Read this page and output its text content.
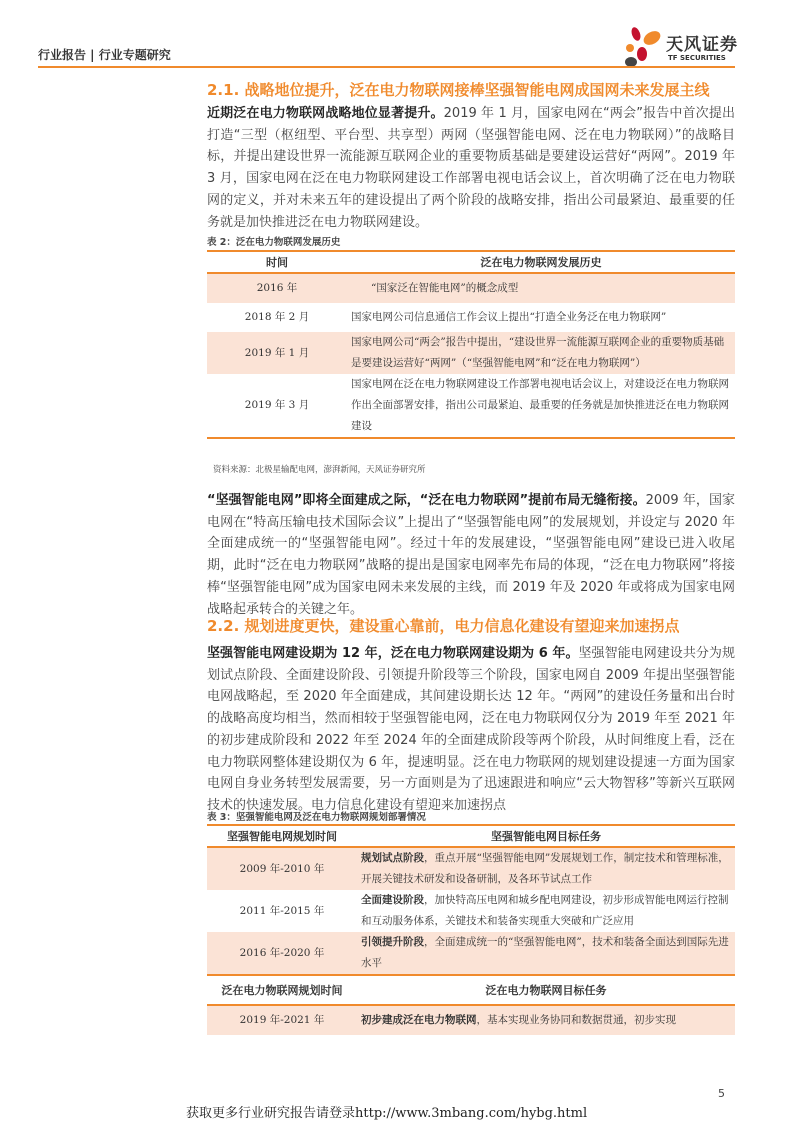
行业报告 | 行业专题研究	天风证券
TF SECURITIES
2.1. 战略地位提升，泛在电力物联网接棒坚强智能电网成国网未来发展主线
近期泛在电力物联网战略地位显著提升。2019 年 1 月，国家电网在“两会”报告中首次提出打造“三型（枢纽型、平台型、共享型）两网（坚强智能电网、泛在电力物联网）”的战略目标，并提出建设世界一流能源互联网企业的重要物质基础是要建设运营好“两网”。2019 年 3 月，国家电网在泛在电力物联网建设工作部署电视电话会议上，首次明确了泛在电力物联网的定义，并对未来五年的建设提出了两个阶段的战略安排，指出公司最紧迫、最重要的任务就是加快推进泛在电力物联网建设。
表 2：泛在电力物联网发展历史
时间	泛在电力物联网发展历史
2016 年	“国家泛在智能电网”的概念成型
2018 年 2 月	国家电网公司信息通信工作会议上提出“打造全业务泛在电力物联网”
2019 年 1 月	国家电网公司“两会”报告中提出，“建设世界一流能源互联网企业的重要物质基础是要建设运营好“两网”（“坚强智能电网”和“泛在电力物联网”）
2019 年 3 月	国家电网在泛在电力物联网建设工作部署电视电话会议上，对建设泛在电力物联网作出全面部署安排，指出公司最紧迫、最重要的任务就是加快推进泛在电力物联网建设
资料来源：北极星输配电网，澎湃新闻，天风证券研究所
“坚强智能电网”即将全面建成之际，“泛在电力物联网”提前布局无缝衔接。2009 年，国家电网在“特高压输电技术国际会议”上提出了“坚强智能电网”的发展规划，并设定与 2020 年全面建成统一的“坚强智能电网”。经过十年的发展建设，“坚强智能电网”建设已进入收尾期，此时“泛在电力物联网”战略的提出是国家电网率先布局的体现，“泛在电力物联网”将接棒“坚强智能电网”成为国家电网未来发展的主线，而 2019 年及 2020 年或将成为国家电网战略起承转合的关键之年。
2.2. 规划进度更快，建设重心靠前，电力信息化建设有望迎来加速拐点
坚强智能电网建设期为 12 年，泛在电力物联网建设期为 6 年。坚强智能电网建设共分为规划试点阶段、全面建设阶段、引领提升阶段等三个阶段，国家电网自 2009 年提出坚强智能电网战略起，至 2020 年全面建成，其间建设期长达 12 年。“两网”的建设任务量和出台时的战略高度均相当，然而相较于坚强智能电网，泛在电力物联网仅分为 2019 年至 2021 年的初步建成阶段和 2022 年至 2024 年的全面建成阶段等两个阶段，从时间维度上看，泛在电力物联网整体建设期仅为 6 年，提速明显。泛在电力物联网的规划建设提速一方面为国家电网自身业务转型发展需要，另一方面则是为了迅速跟进和响应“云大物智移”等新兴互联网技术的快速发展。电力信息化建设有望迎来加速拐点
表 3：坚强智能电网及泛在电力物联网规划部署情况
坚强智能电网规划时间	坚强智能电网目标任务
2009 年-2010 年	规划试点阶段，重点开展“坚强智能电网”发展规划工作，制定技术和管理标准，开展关键技术研发和设备研制，及各环节试点工作
2011 年-2015 年	全面建设阶段，加快特高压电网和城乡配电网建设，初步形成智能电网运行控制和互动服务体系，关键技术和装备实现重大突破和广泛应用
2016 年-2020 年	引领提升阶段，全面建成统一的“坚强智能电网”，技术和装备全面达到国际先进水平
泛在电力物联网规划时间	泛在电力物联网目标任务
2019 年-2021 年	初步建成泛在电力物联网，基本实现业务协同和数据贯通，初步实现
5
获取更多行业研究报告请登录http://www.3mbang.com/hybg.html
